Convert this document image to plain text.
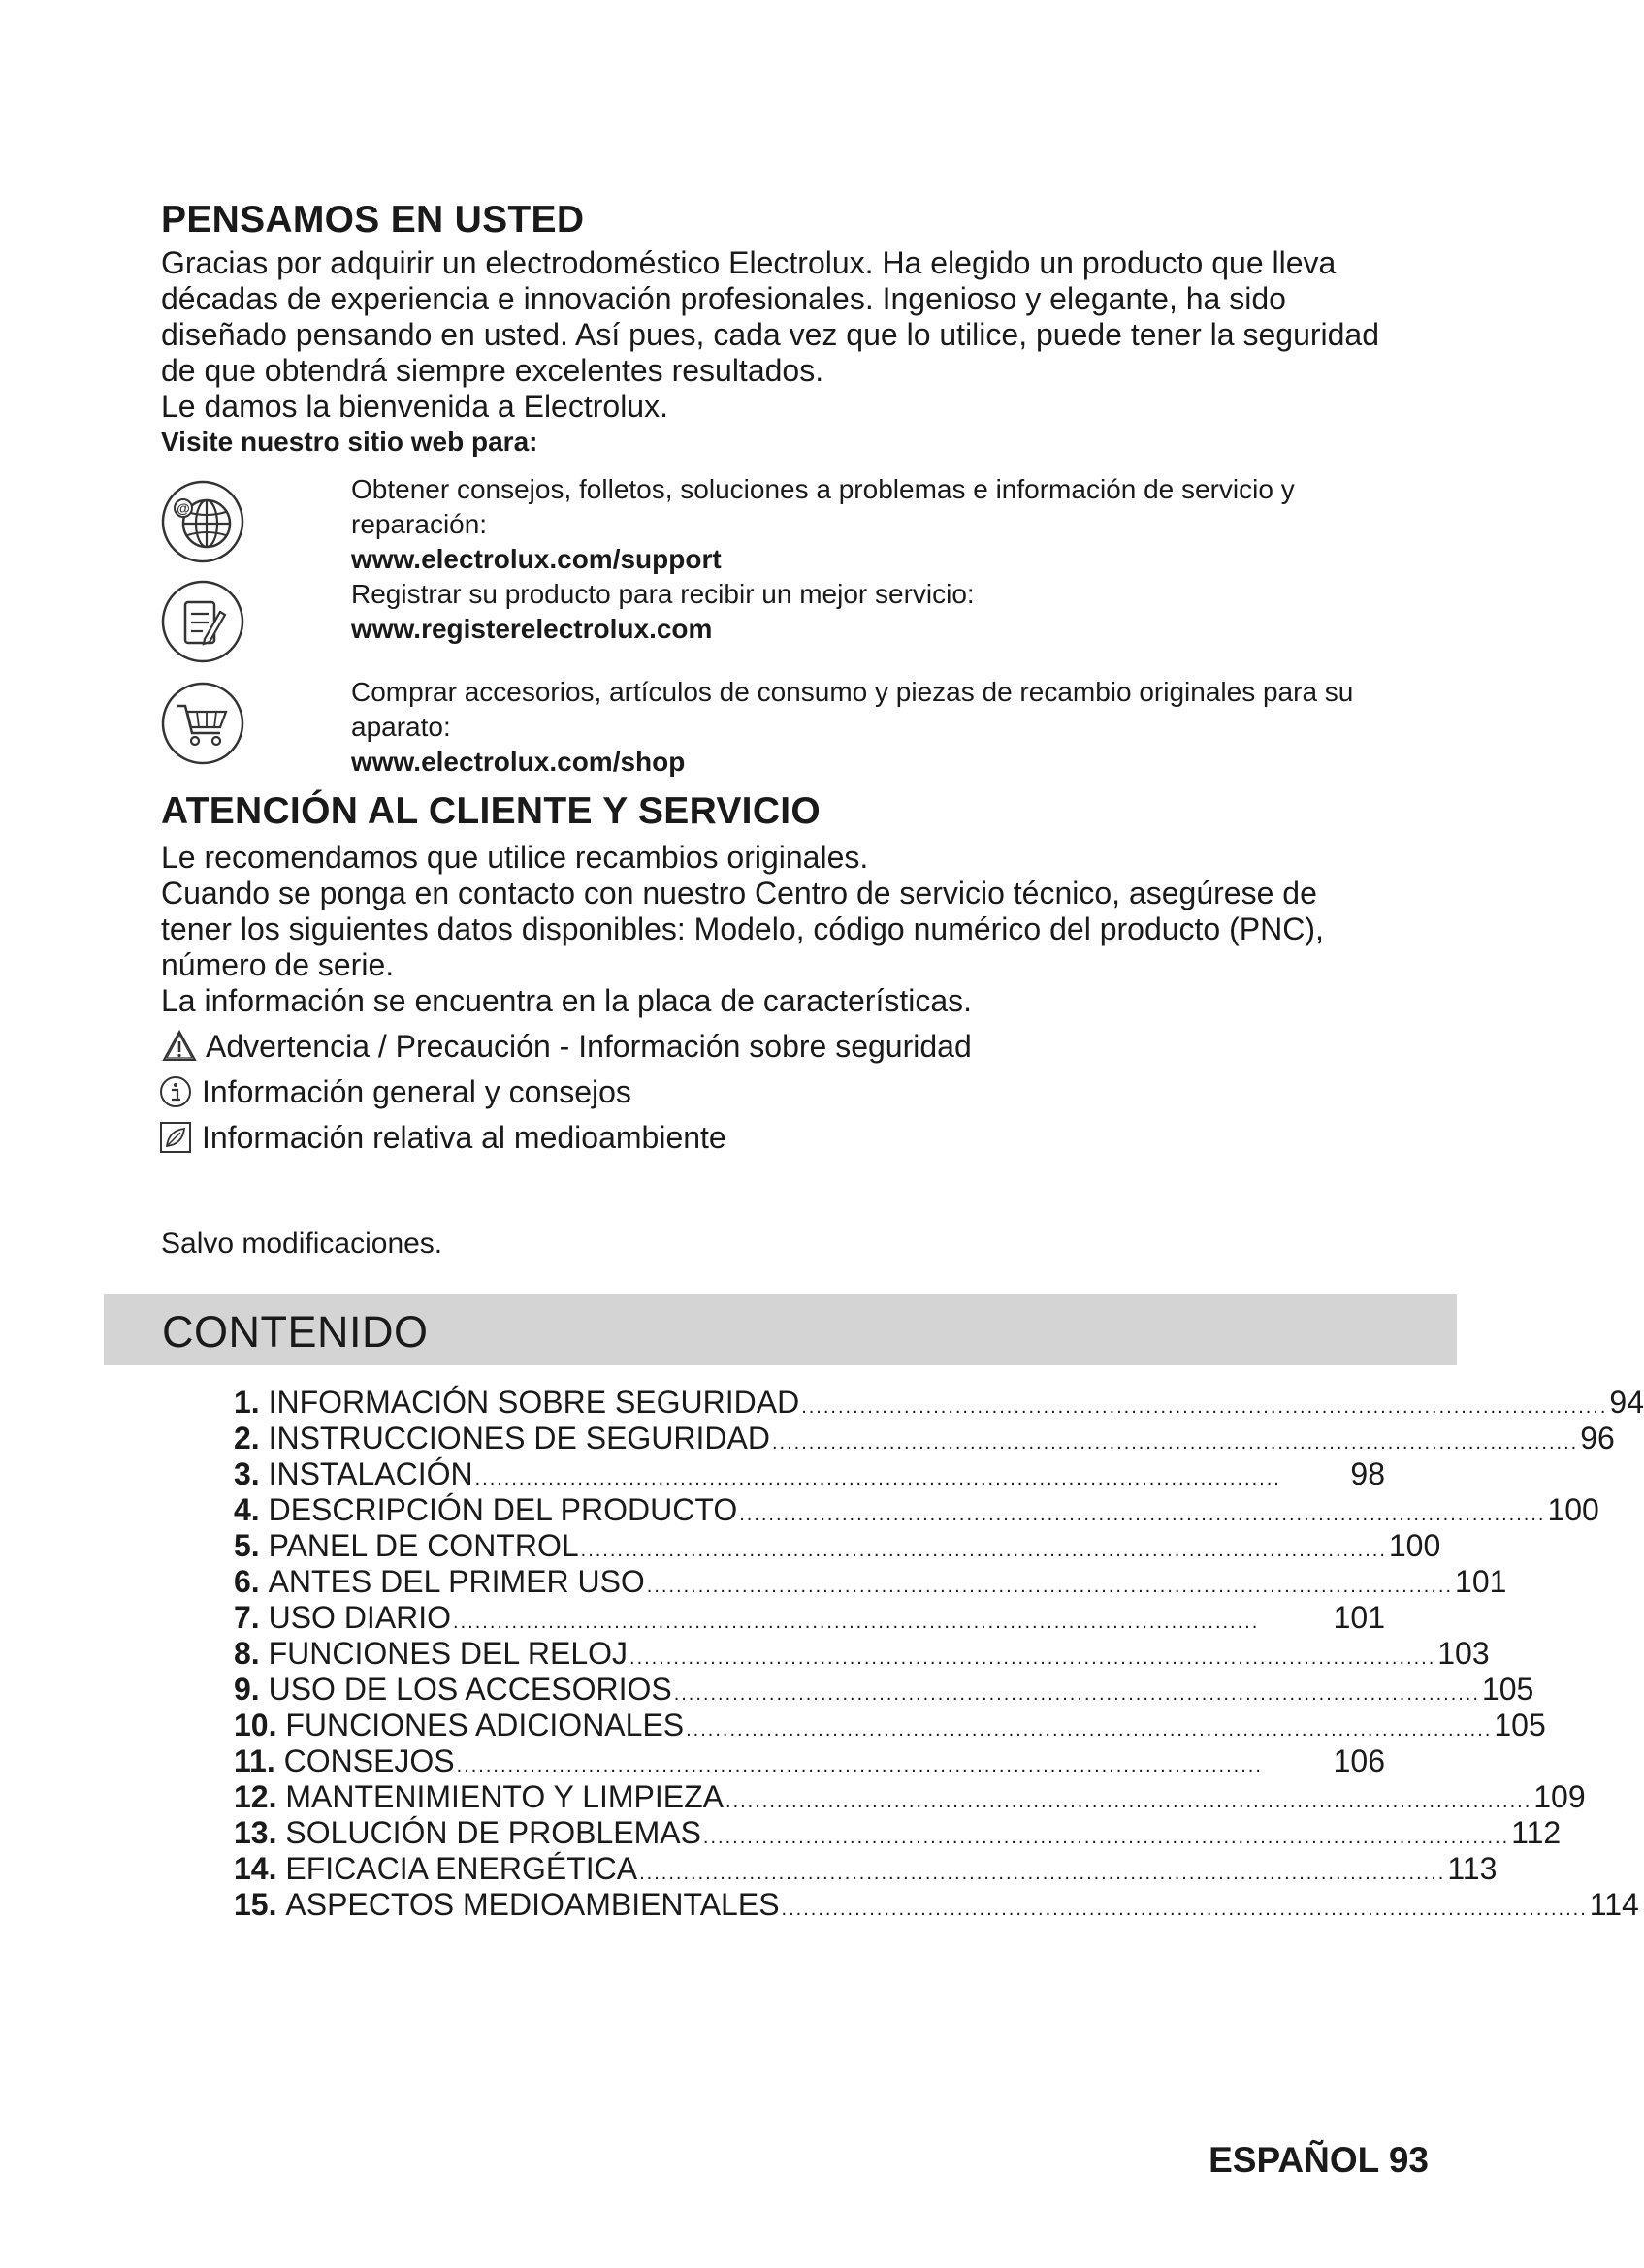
PENSAMOS EN USTED
Gracias por adquirir un electrodoméstico Electrolux. Ha elegido un producto que lleva
décadas de experiencia e innovación profesionales. Ingenioso y elegante, ha sido
diseñado pensando en usted. Así pues, cada vez que lo utilice, puede tener la seguridad
de que obtendrá siempre excelentes resultados.
Le damos la bienvenida a Electrolux.
Visite nuestro sitio web para:
@
Obtener consejos, folletos, soluciones a problemas e información de servicio y
reparación:
www.electrolux.com/support
Registrar su producto para recibir un mejor servicio:
www.registerelectrolux.com
Comprar accesorios, artículos de consumo y piezas de recambio originales para su
aparato:
www.electrolux.com/shop
ATENCIÓN AL CLIENTE Y SERVICIO
Le recomendamos que utilice recambios originales.
Cuando se ponga en contacto con nuestro Centro de servicio técnico, asegúrese de
tener los siguientes datos disponibles: Modelo, código numérico del producto (PNC),
número de serie.
La información se encuentra en la placa de características.
Advertencia / Precaución - Información sobre seguridad
Información general y consejos
Información relativa al medioambiente
Salvo modificaciones.
CONTENIDO
1.
INFORMACIÓN SOBRE SEGURIDAD .............................................................................................................. 94
2.
INSTRUCCIONES DE SEGURIDAD .............................................................................................................. 96
3.
INSTALACIÓN ..............................................................................................................	98
4.
DESCRIPCIÓN DEL PRODUCTO .............................................................................................................. 100
5.
PANEL DE CONTROL .............................................................................................................. 100
6.
ANTES DEL PRIMER USO .............................................................................................................. 101
7.
USO DIARIO ..............................................................................................................	101
8.
FUNCIONES DEL RELOJ .............................................................................................................. 103
9.
USO DE LOS ACCESORIOS .............................................................................................................. 105
10.
FUNCIONES ADICIONALES .............................................................................................................. 105
11.
CONSEJOS ..............................................................................................................	106
12.
MANTENIMIENTO Y LIMPIEZA .............................................................................................................. 109
13.
SOLUCIÓN DE PROBLEMAS .............................................................................................................. 112
14.
EFICACIA ENERGÉTICA .............................................................................................................. 113
15.
ASPECTOS MEDIOAMBIENTALES .............................................................................................................. 114
ESPAÑOL 93
